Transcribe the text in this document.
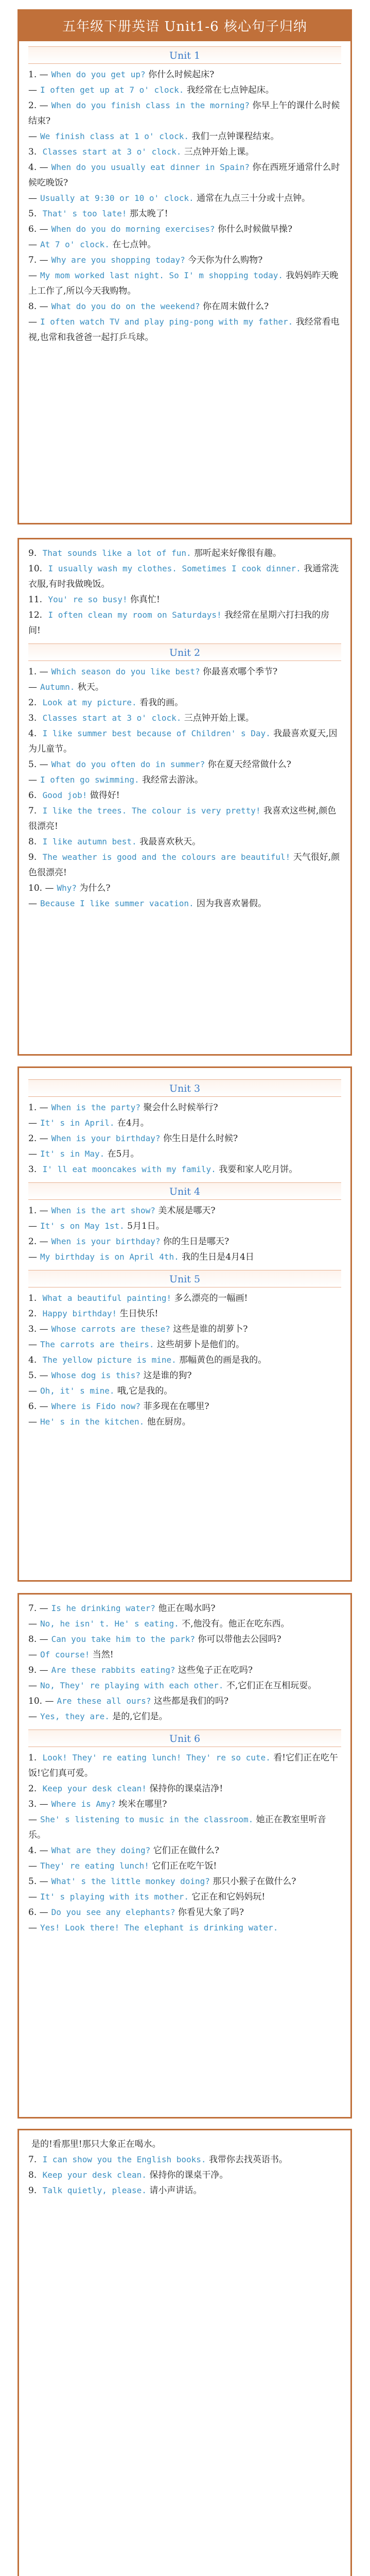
五年级下册英语 Unit1-6 核心句子归纳
Unit 1

1. — When do you get up? 你什么时候起床?

— I often get up at 7 o' clock. 我经常在七点钟起床。

2. — When do you finish class in the morning? 你早上午的课什么时候结束?

— We finish class at 1 o' clock. 我们一点钟课程结束。

3. Classes start at 3 o' clock. 三点钟开始上课。

4. — When do you usually eat dinner in Spain? 你在西班牙通常什么时候吃晚饭?

— Usually at 9:30 or 10 o' clock. 通常在九点三十分或十点钟。

5. That' s too late! 那太晚了!

6. — When do you do morning exercises? 你什么时候做早操?

— At 7 o' clock. 在七点钟。

7. — Why are you shopping today? 今天你为什么购物?

— My mom worked last night. So I' m shopping today. 我妈妈昨天晚上工作了,所以今天我购物。

8. — What do you do on the weekend? 你在周末做什么?

— I often watch TV and play ping-pong with my father. 我经常看电视,也常和我爸爸一起打乒乓球。

9. That sounds like a lot of fun. 那听起来好像很有趣。

10. I usually wash my clothes. Sometimes I cook dinner. 我通常洗衣服,有时我做晚饭。

11. You' re so busy! 你真忙!

12. I often clean my room on Saturdays! 我经常在星期六打扫我的房间!

Unit 2

1. — Which season do you like best? 你最喜欢哪个季节?

— Autumn. 秋天。

2. Look at my picture. 看我的画。

3. Classes start at 3 o' clock. 三点钟开始上课。

4. I like summer best because of Children' s Day. 我最喜欢夏天,因为儿童节。

5. — What do you often do in summer? 你在夏天经常做什么?

— I often go swimming. 我经常去游泳。

6. Good job! 做得好!

7. I like the trees. The colour is very pretty! 我喜欢这些树,颜色很漂亮!

8. I like autumn best. 我最喜欢秋天。

9. The weather is good and the colours are beautiful! 天气很好,颜色很漂亮!

10. — Why? 为什么?

— Because I like summer vacation. 因为我喜欢暑假。

Unit 3

1. — When is the party? 聚会什么时候举行?

— It' s in April. 在4月。

2. — When is your birthday? 你生日是什么时候?

— It' s in May. 在5月。

3. I' ll eat mooncakes with my family. 我要和家人吃月饼。

Unit 4

1. — When is the art show? 美术展是哪天?

— It' s on May 1st. 5月1日。

2. — When is your birthday? 你的生日是哪天?

— My birthday is on April 4th. 我的生日是4月4日

Unit 5

1. What a beautiful painting! 多么漂亮的一幅画!

2. Happy birthday! 生日快乐!

3. — Whose carrots are these? 这些是谁的胡萝卜?

— The carrots are theirs. 这些胡萝卜是他们的。

4. The yellow picture is mine. 那幅黄色的画是我的。

5. — Whose dog is this? 这是谁的狗?

— Oh, it' s mine. 哦,它是我的。

6. — Where is Fido now? 菲多现在在哪里?

— He' s in the kitchen. 他在厨房。

7. — Is he drinking water? 他正在喝水吗?

— No, he isn' t. He' s eating. 不,他没有。他正在吃东西。

8. — Can you take him to the park? 你可以带他去公园吗?

— Of course! 当然!

9. — Are these rabbits eating? 这些兔子正在吃吗?

— No, They' re playing with each other. 不,它们正在互相玩耍。

10. — Are these all ours? 这些都是我们的吗?

— Yes, they are. 是的,它们是。

Unit 6

1. Look! They' re eating lunch! They' re so cute. 看!它们正在吃午饭!它们真可爱。

2. Keep your desk clean! 保持你的课桌洁净!

3. — Where is Amy? 埃米在哪里?

— She' s listening to music in the classroom. 她正在教室里听音乐。

4. — What are they doing? 它们正在做什么?

— They' re eating lunch! 它们正在吃午饭!

5. — What' s the little monkey doing? 那只小猴子在做什么?

— It' s playing with its mother. 它正在和它妈妈玩!

6. — Do you see any elephants? 你看见大象了吗?

— Yes! Look there! The elephant is drinking water.

是的!看那里!那只大象正在喝水。

7. I can show you the English books. 我带你去找英语书。

8. Keep your desk clean. 保持你的课桌干净。

9. Talk quietly, please. 请小声讲话。
